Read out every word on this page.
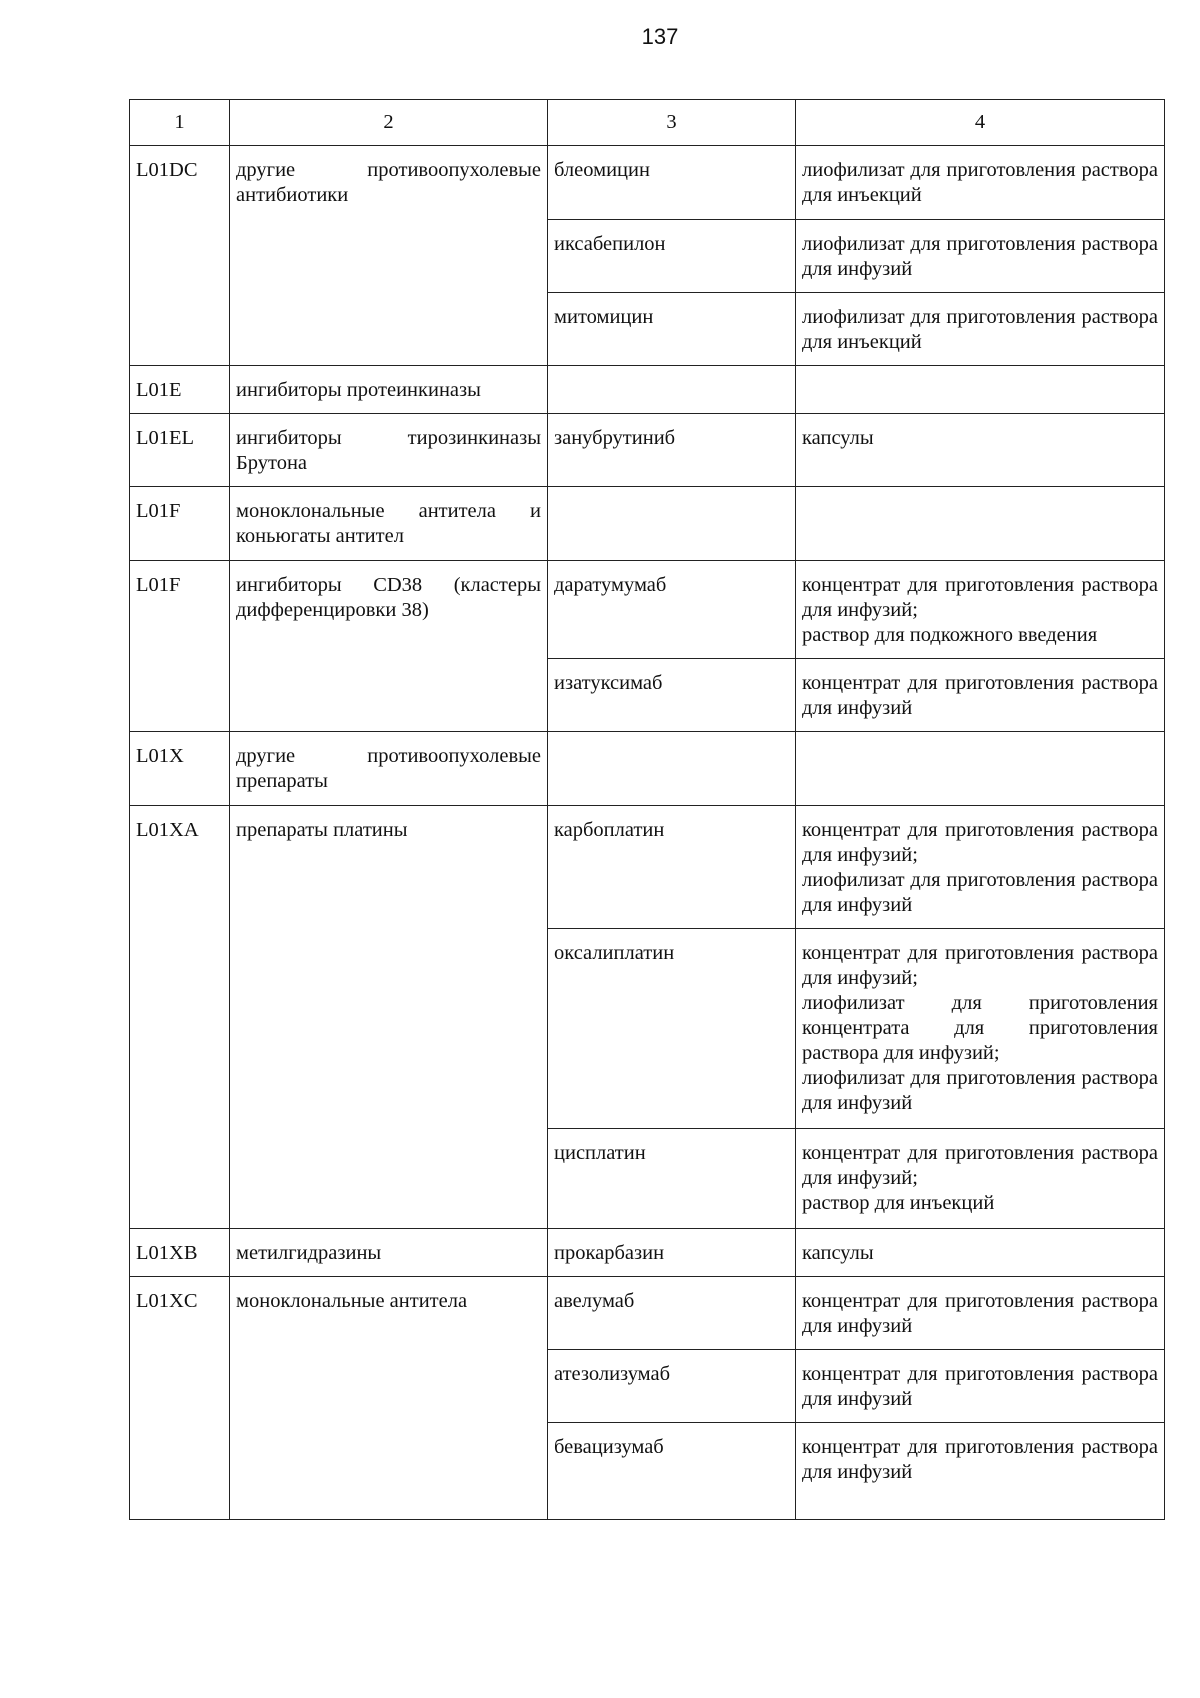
137
1	2	3	4
L01DC	другие противоопухолевые антибиотики	блеомицин	лиофилизат для приготовления раствора для инъекций

		иксабепилон	лиофилизат для приготовления раствора для инфузий

		митомицин	лиофилизат для приготовления раствора для инъекций

L01E	ингибиторы протеинкиназы		
L01EL	ингибиторы тирозинкиназы Брутона	занубрутиниб	капсулы

L01F	моноклональные антитела и коньюгаты антител		
L01F	ингибиторы CD38 (кластеры дифференцировки 38)	даратумумаб	концентрат для приготовления раствора для инфузий;
раствор для подкожного введения

		изатуксимаб	концентрат для приготовления раствора для инфузий

L01X	другие противоопухолевые препараты		
L01XA	препараты платины	карбоплатин	концентрат для приготовления раствора для инфузий;
лиофилизат для приготовления раствора для инфузий

		оксалиплатин	концентрат для приготовления раствора для инфузий;
лиофилизат для приготовления концентрата для приготовления раствора для инфузий;
лиофилизат для приготовления раствора для инфузий

		цисплатин	концентрат для приготовления раствора для инфузий;
раствор для инъекций

L01XB	метилгидразины	прокарбазин	капсулы

L01XC	моноклональные антитела	авелумаб	концентрат для приготовления раствора для инфузий

		атезолизумаб	концентрат для приготовления раствора для инфузий

		бевацизумаб	концентрат для приготовления раствора для инфузий
